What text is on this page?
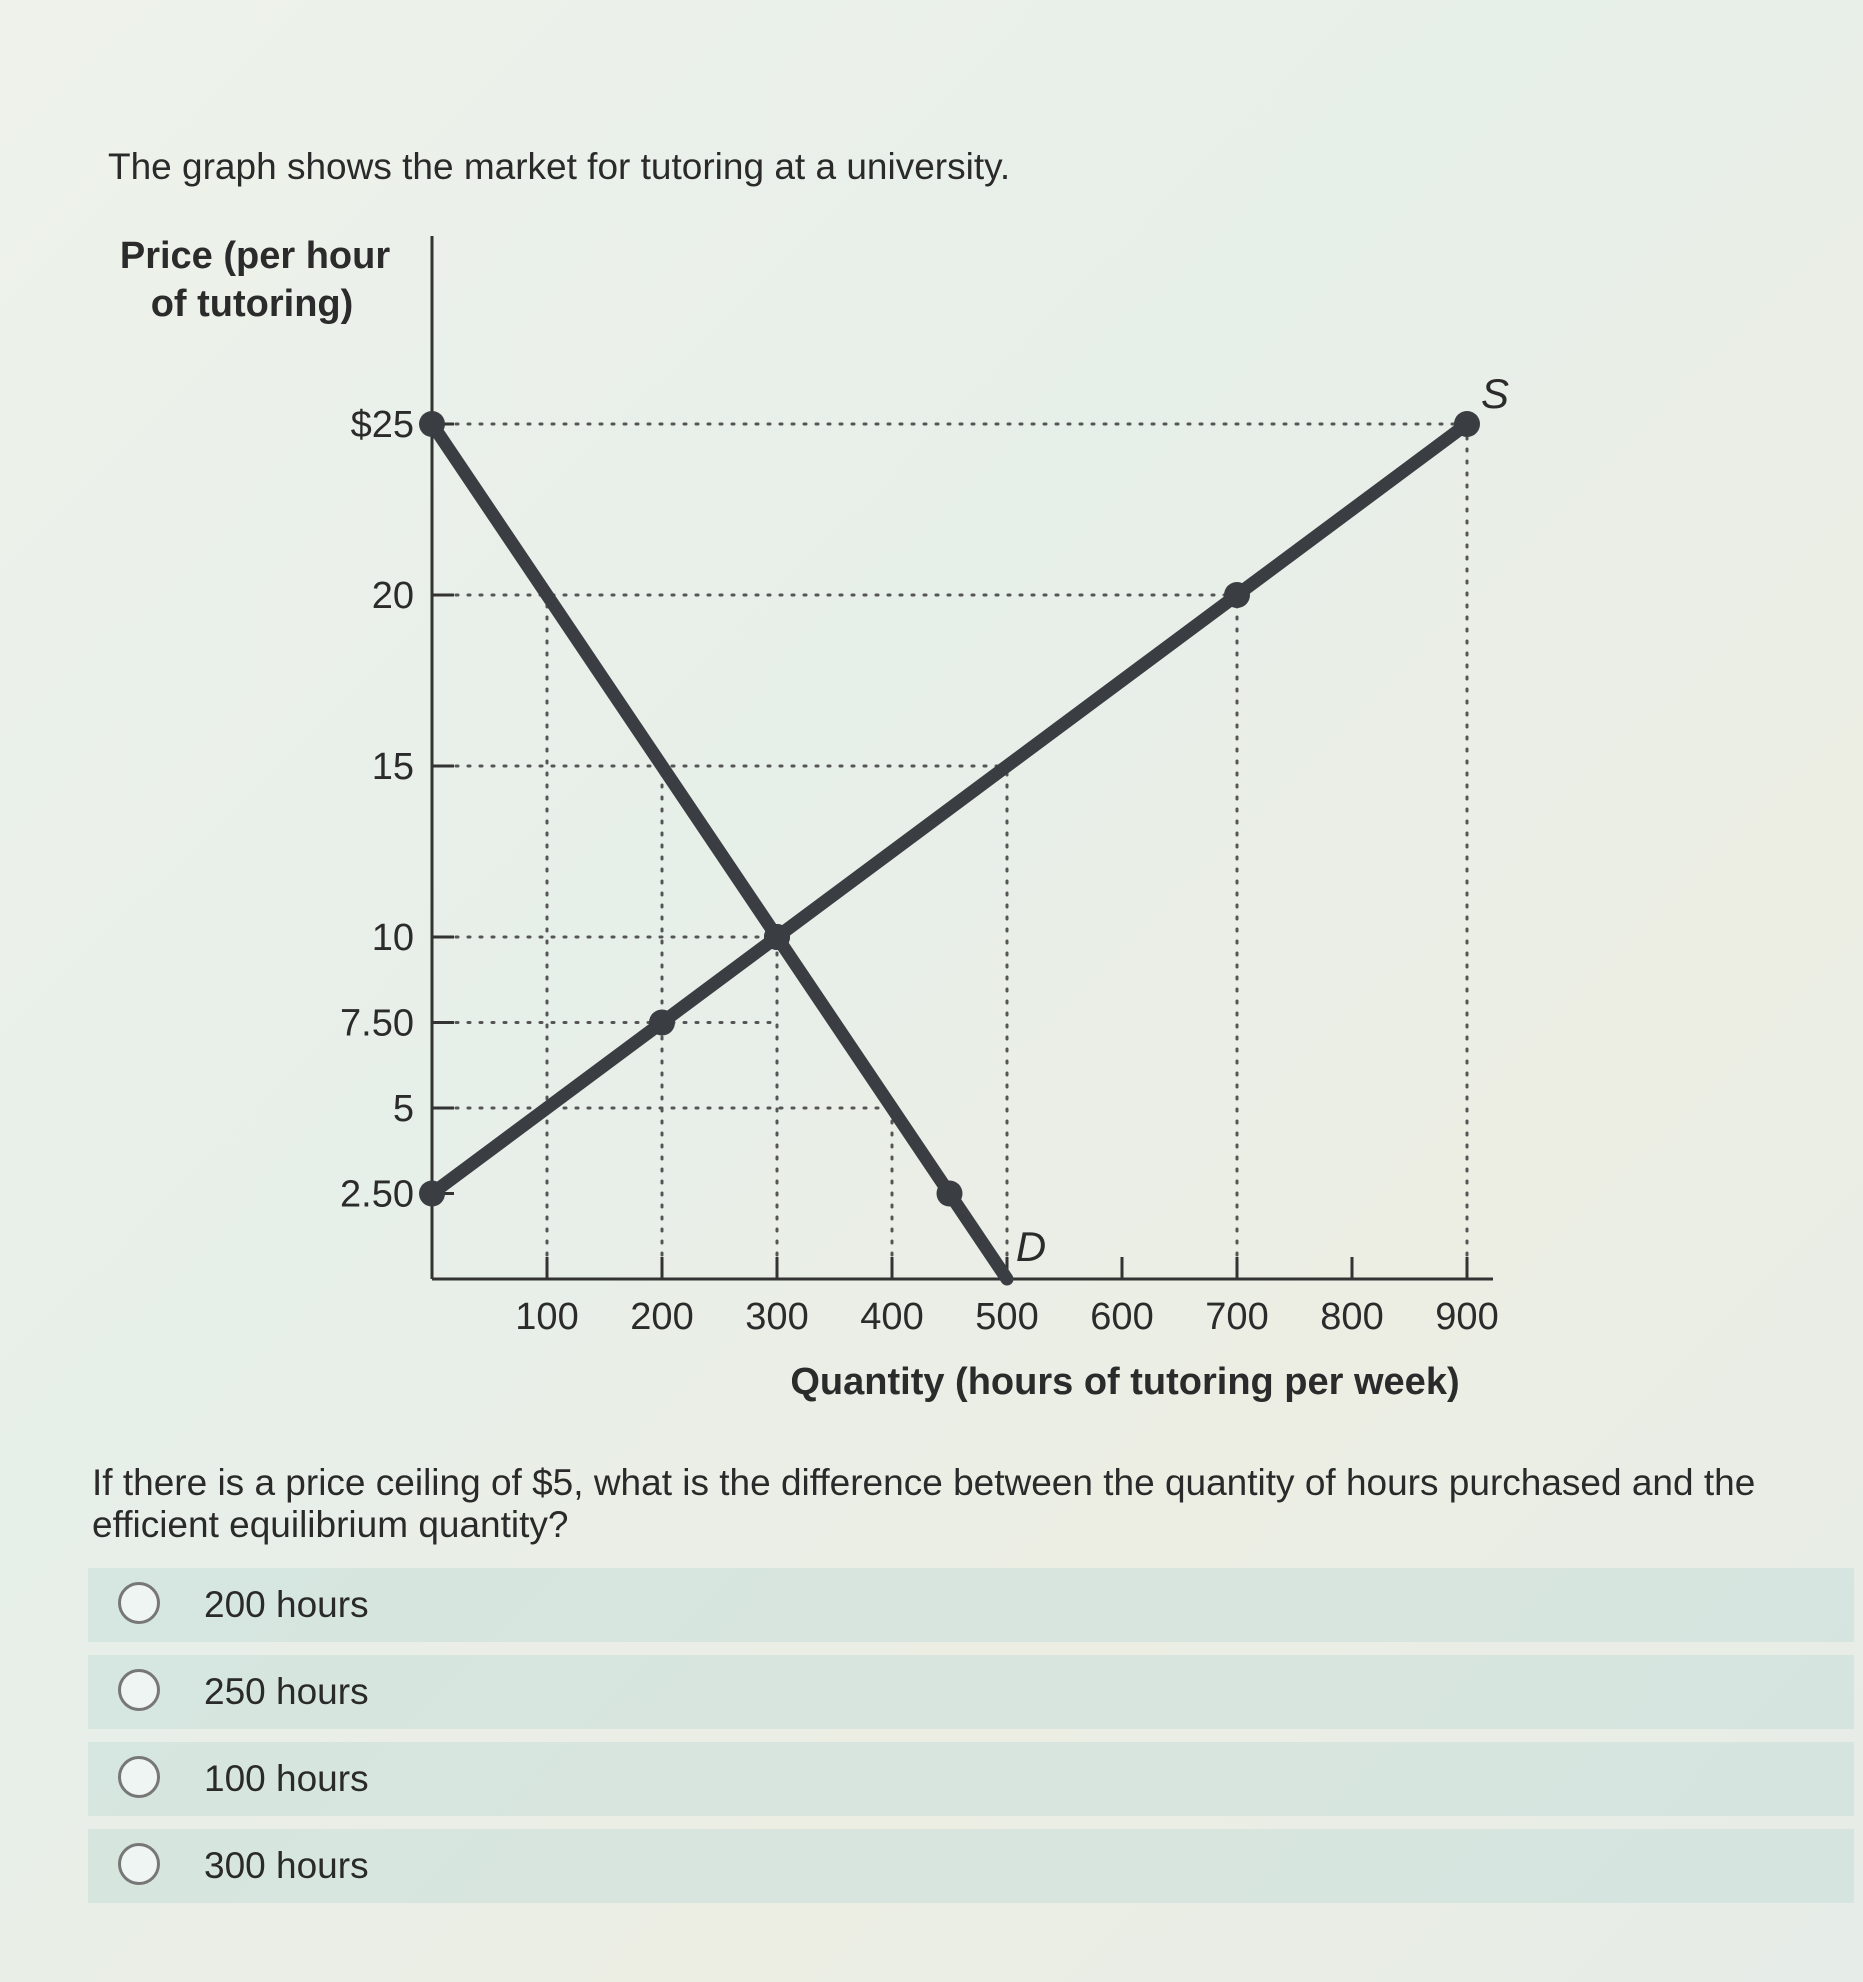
The graph shows the market for tutoring at a university.
100 200 300 400 500 600 700 800 900
2.50
5
7.50
10
15
20
$25
S
D
Price (per hour
of tutoring)
Quantity (hours of tutoring per week)
If there is a price ceiling of $5, what is the difference between the quantity of hours purchased and the efficient equilibrium quantity?
200 hours
250 hours
100 hours
300 hours
